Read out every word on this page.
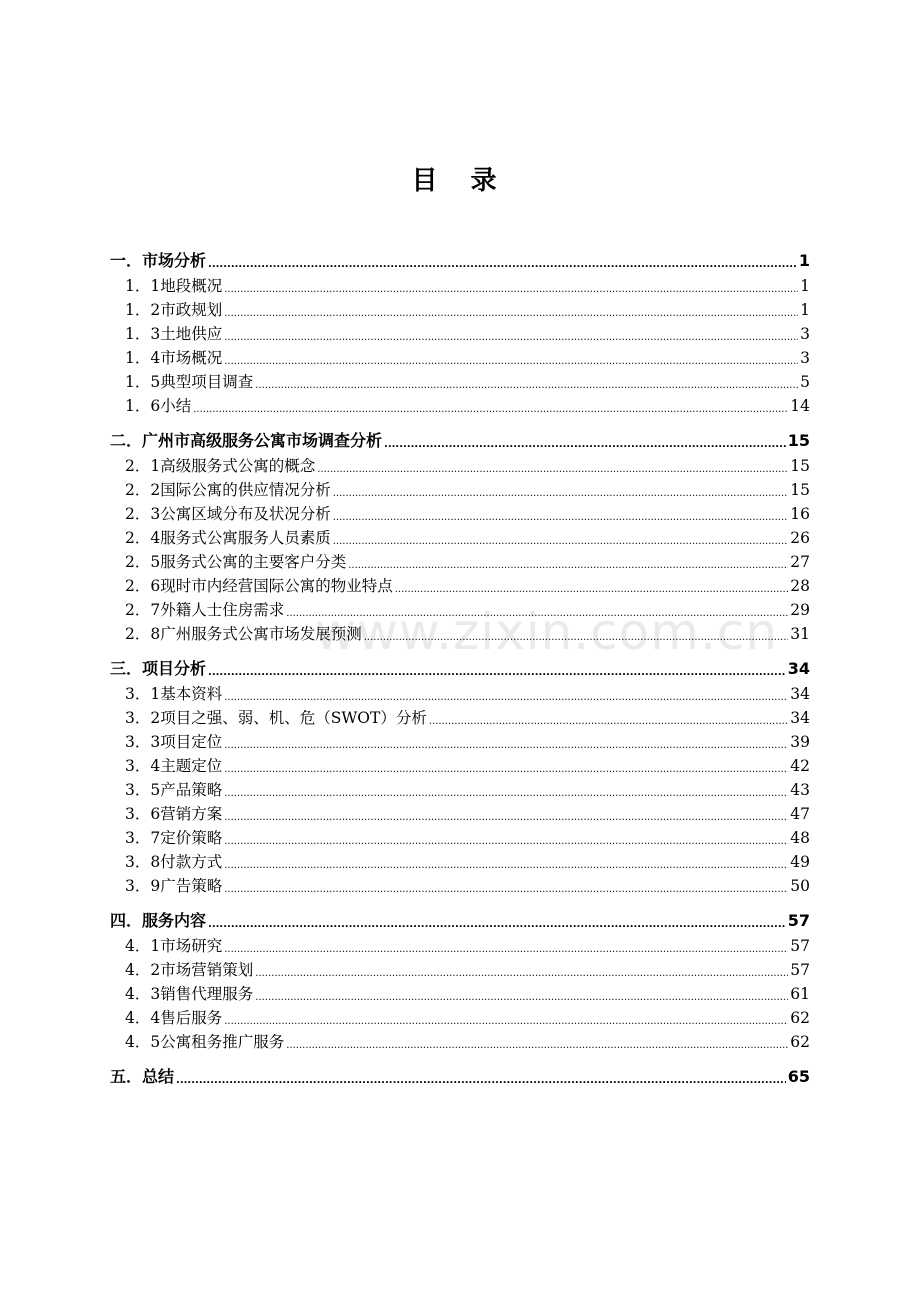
目 录
www.zixin.com.cn
一． 市场分析 .....	1
1．1 地段概况 .....	1
1．2 市政规划 .....	1
1．3 土地供应 .....	3
1．4 市场概况 .....	3
1．5 典型项目调查 .....	5
1．6 小结 .....	14
二． 广州市高级服务公寓市场调查分析 .....	15
2．1 高级服务式公寓的概念 .....	15
2．2 国际公寓的供应情况分析 .....	15
2．3 公寓区域分布及状况分析 .....	16
2．4 服务式公寓服务人员素质 .....	26
2．5 服务式公寓的主要客户分类 .....	27
2．6 现时市内经营国际公寓的物业特点 .....	28
2．7 外籍人士住房需求 .....	29
2．8 广州服务式公寓市场发展预测 .....	31
三． 项目分析 .....	34
3．1 基本资料 .....	34
3．2 项目之强、弱、机、危（SWOT）分析 .....	34
3．3 项目定位 .....	39
3．4 主题定位 .....	42
3．5 产品策略 .....	43
3．6 营销方案 .....	47
3．7 定价策略 .....	48
3．8 付款方式 .....	49
3．9 广告策略 .....	50
四． 服务内容 .....	57
4．1 市场研究 .....	57
4．2 市场营销策划 .....	57
4．3 销售代理服务 .....	61
4．4 售后服务 .....	62
4．5 公寓租务推广服务 .....	62
五． 总结 .....	65
